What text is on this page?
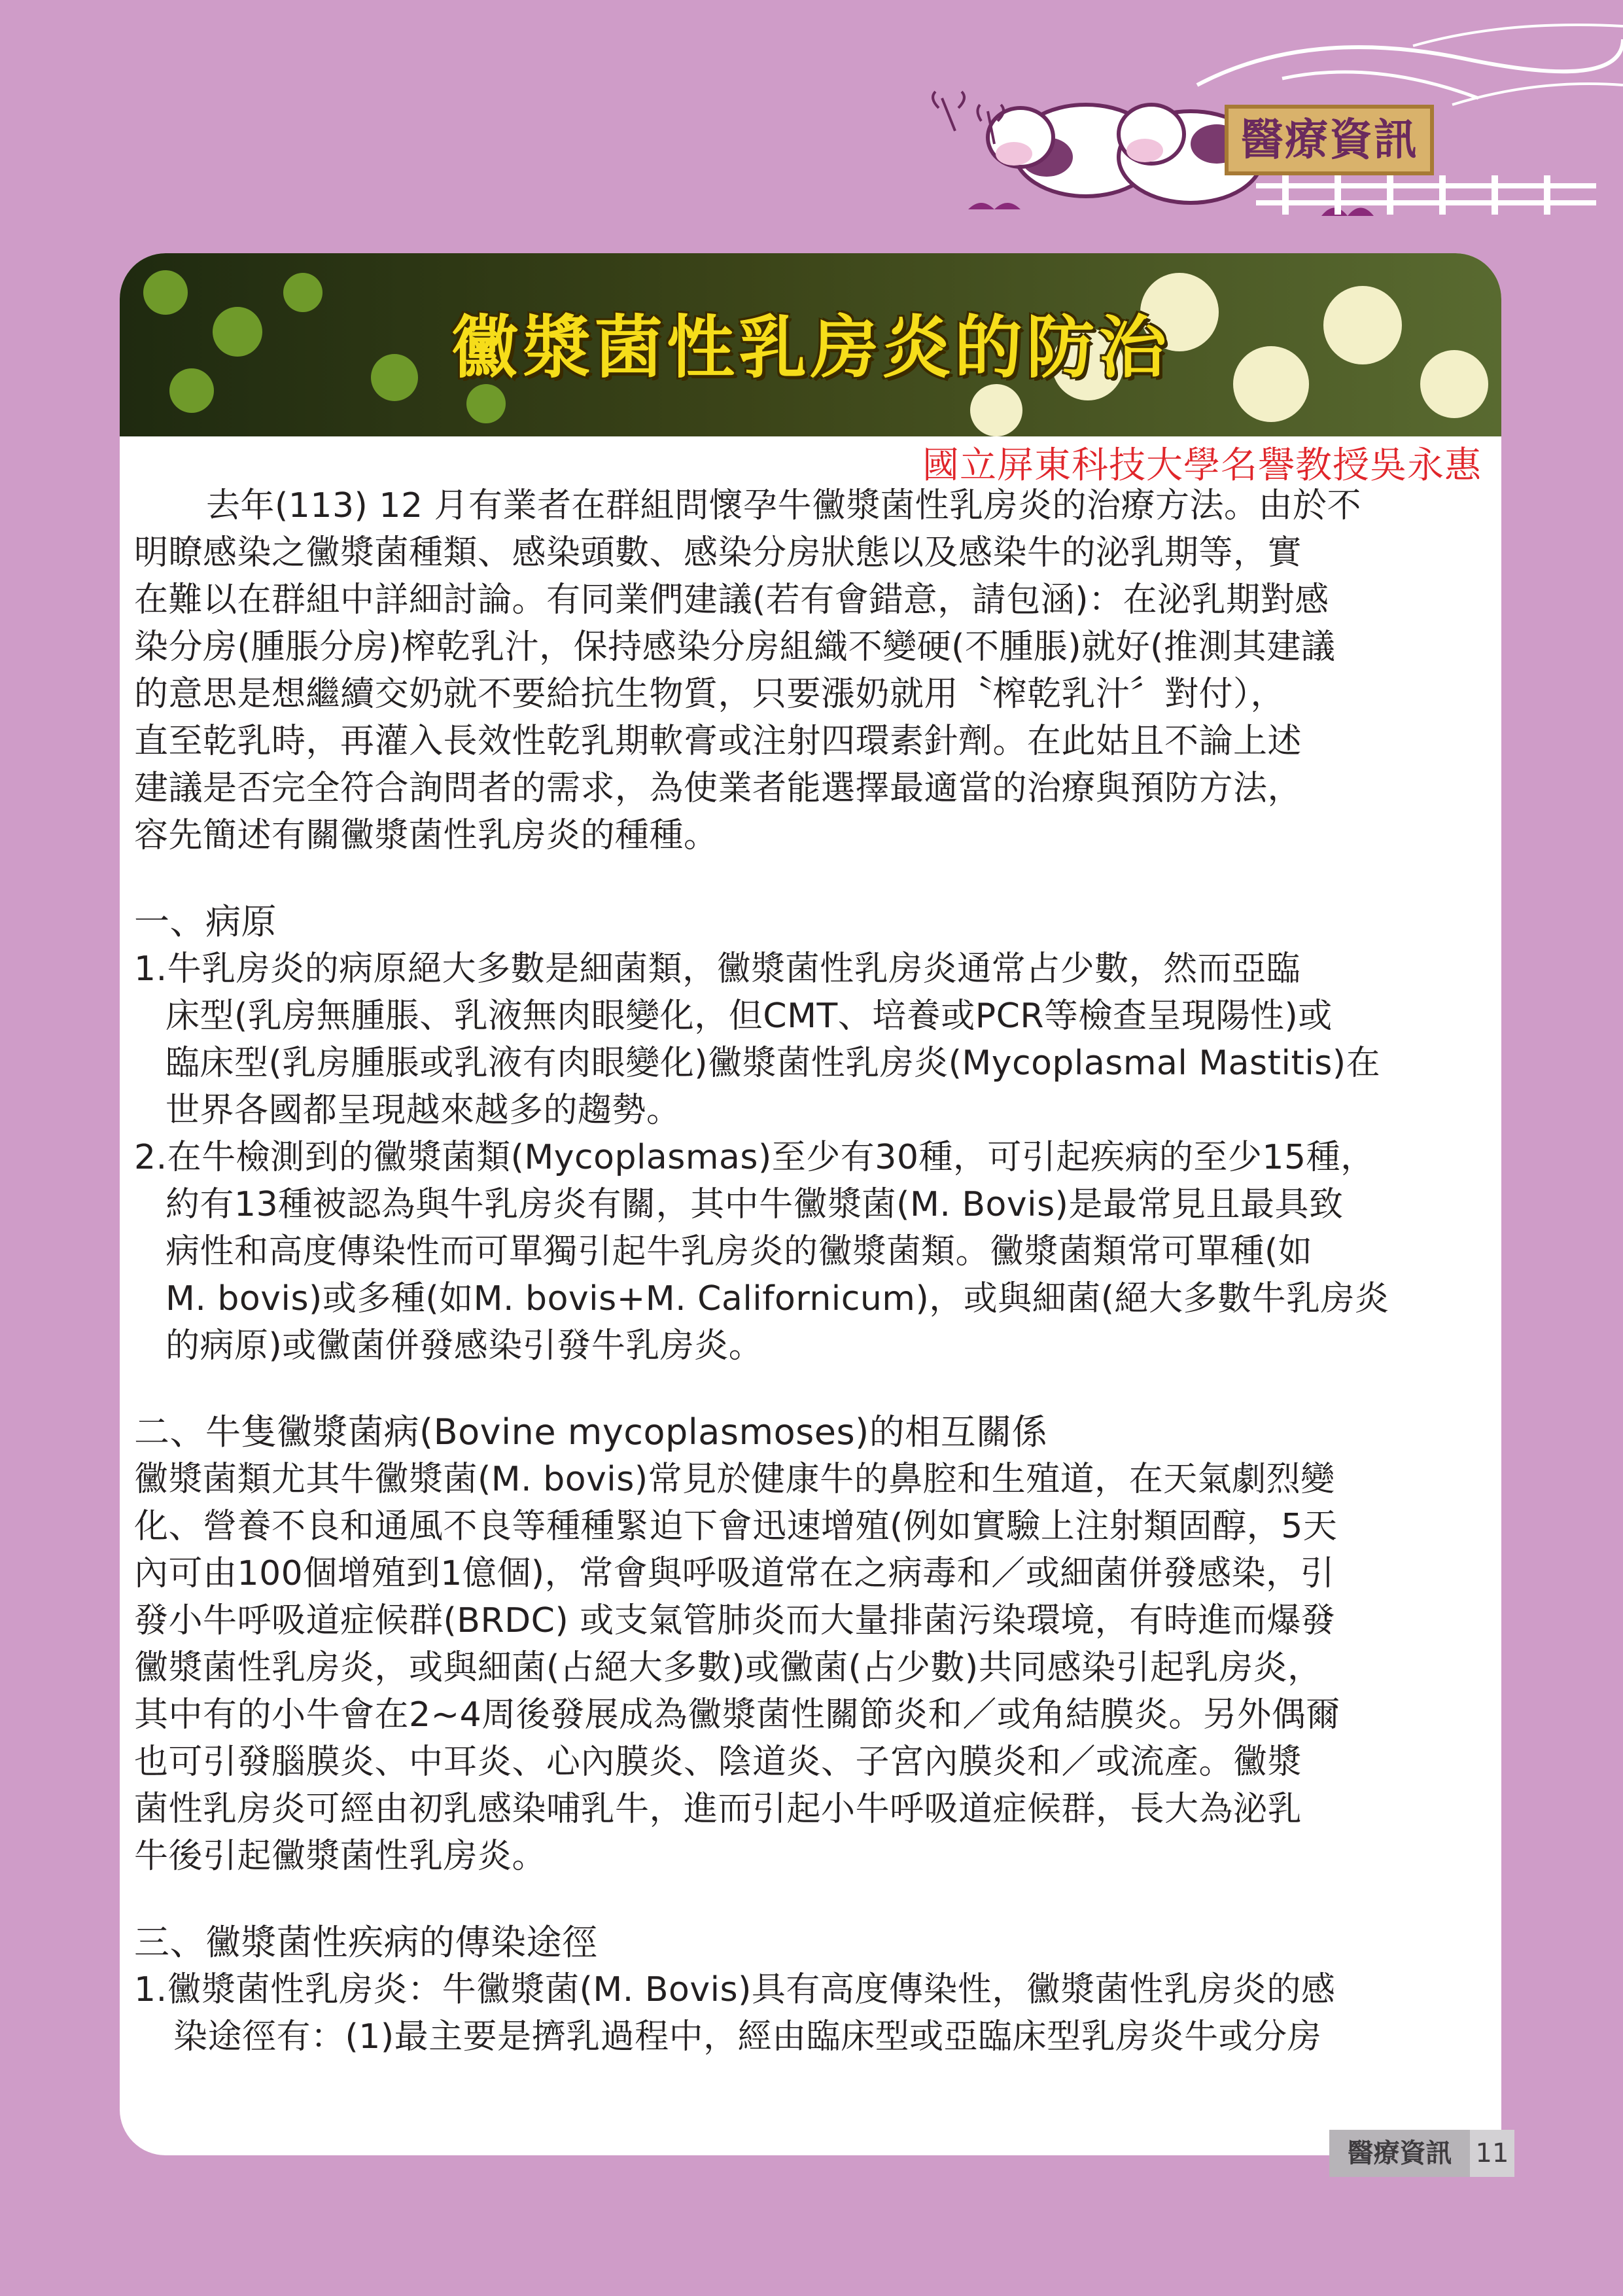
醫療資訊
黴漿菌性乳房炎的防治
國立屏東科技大學名譽教授吳永惠
去年(113) 12 月有業者在群組問懷孕牛黴漿菌性乳房炎的治療方法。由於不
明瞭感染之黴漿菌種類、感染頭數、感染分房狀態以及感染牛的泌乳期等，實
在難以在群組中詳細討論。有同業們建議(若有會錯意，請包涵)：在泌乳期對感
染分房(腫脹分房)榨乾乳汁，保持感染分房組織不變硬(不腫脹)就好(推測其建議
的意思是想繼續交奶就不要給抗生物質，只要漲奶就用〝榨乾乳汁〞對付），
直至乾乳時，再灌入長效性乾乳期軟膏或注射四環素針劑。在此姑且不論上述
建議是否完全符合詢問者的需求，為使業者能選擇最適當的治療與預防方法，
容先簡述有關黴漿菌性乳房炎的種種。
一、病原
1.牛乳房炎的病原絕大多數是細菌類，黴漿菌性乳房炎通常占少數，然而亞臨
床型(乳房無腫脹、乳液無肉眼變化，但CMT、培養或PCR等檢查呈現陽性)或
臨床型(乳房腫脹或乳液有肉眼變化)黴漿菌性乳房炎(Mycoplasmal Mastitis)在
世界各國都呈現越來越多的趨勢。
2.在牛檢測到的黴漿菌類(Mycoplasmas)至少有30種，可引起疾病的至少15種，
約有13種被認為與牛乳房炎有關，其中牛黴漿菌(M. Bovis)是最常見且最具致
病性和高度傳染性而可單獨引起牛乳房炎的黴漿菌類。黴漿菌類常可單種(如
M. bovis)或多種(如M. bovis+M. Californicum)，或與細菌(絕大多數牛乳房炎
的病原)或黴菌併發感染引發牛乳房炎。
二、牛隻黴漿菌病(Bovine mycoplasmoses)的相互關係
黴漿菌類尤其牛黴漿菌(M. bovis)常見於健康牛的鼻腔和生殖道，在天氣劇烈變
化、營養不良和通風不良等種種緊迫下會迅速增殖(例如實驗上注射類固醇，5天
內可由100個增殖到1億個)，常會與呼吸道常在之病毒和／或細菌併發感染，引
發小牛呼吸道症候群(BRDC) 或支氣管肺炎而大量排菌污染環境，有時進而爆發
黴漿菌性乳房炎，或與細菌(占絕大多數)或黴菌(占少數)共同感染引起乳房炎，
其中有的小牛會在2~4周後發展成為黴漿菌性關節炎和／或角結膜炎。另外偶爾
也可引發腦膜炎、中耳炎、心內膜炎、陰道炎、子宮內膜炎和／或流產。黴漿
菌性乳房炎可經由初乳感染哺乳牛，進而引起小牛呼吸道症候群，長大為泌乳
牛後引起黴漿菌性乳房炎。
三、黴漿菌性疾病的傳染途徑
1.黴漿菌性乳房炎：牛黴漿菌(M. Bovis)具有高度傳染性，黴漿菌性乳房炎的感
染途徑有：(1)最主要是擠乳過程中，經由臨床型或亞臨床型乳房炎牛或分房
醫療資訊 11
